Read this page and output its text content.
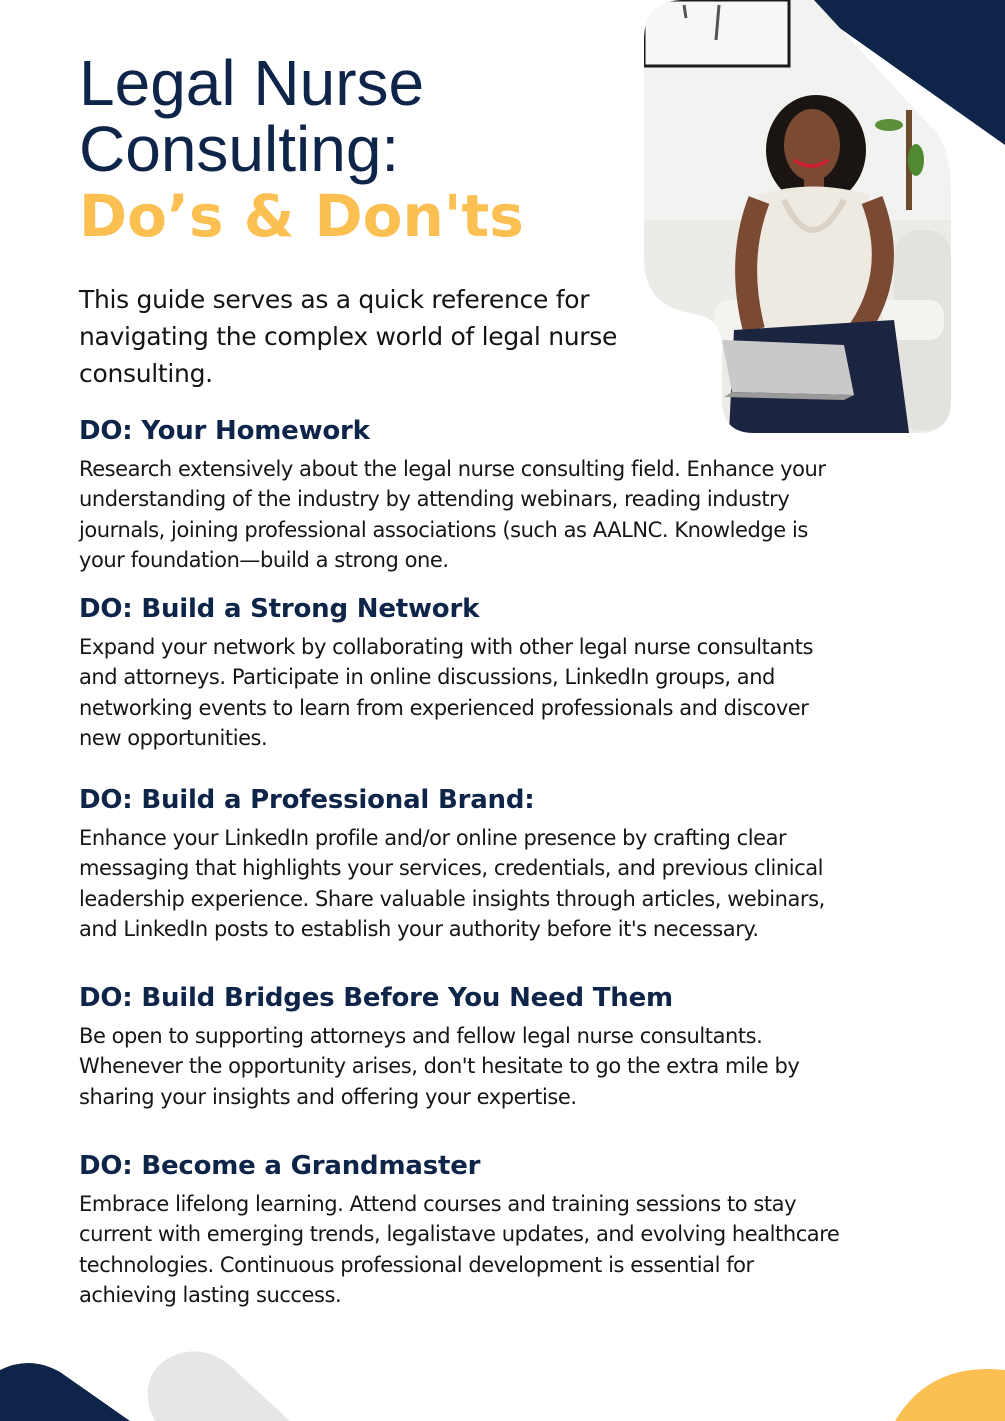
Legal Nurse
Consulting:
Do’s & Don'ts

This guide serves as a quick reference for navigating the complex world of legal nurse consulting.

DO: Your Homework

Research extensively about the legal nurse consulting field. Enhance your understanding of the industry by attending webinars, reading industry journals, joining professional associations (such as AALNC. Knowledge is your foundation—build a strong one.

DO: Build a Strong Network

Expand your network by collaborating with other legal nurse consultants and attorneys. Participate in online discussions, LinkedIn groups, and networking events to learn from experienced professionals and discover new opportunities.

DO: Build a Professional Brand:

Enhance your LinkedIn profile and/or online presence by crafting clear messaging that highlights your services, credentials, and previous clinical leadership experience. Share valuable insights through articles, webinars, and LinkedIn posts to establish your authority before it's necessary.

DO: Build Bridges Before You Need Them

Be open to supporting attorneys and fellow legal nurse consultants. Whenever the opportunity arises, don't hesitate to go the extra mile by sharing your insights and offering your expertise.

DO: Become a Grandmaster

Embrace lifelong learning. Attend courses and training sessions to stay current with emerging trends, legalistave updates, and evolving healthcare technologies. Continuous professional development is essential for achieving lasting success.
